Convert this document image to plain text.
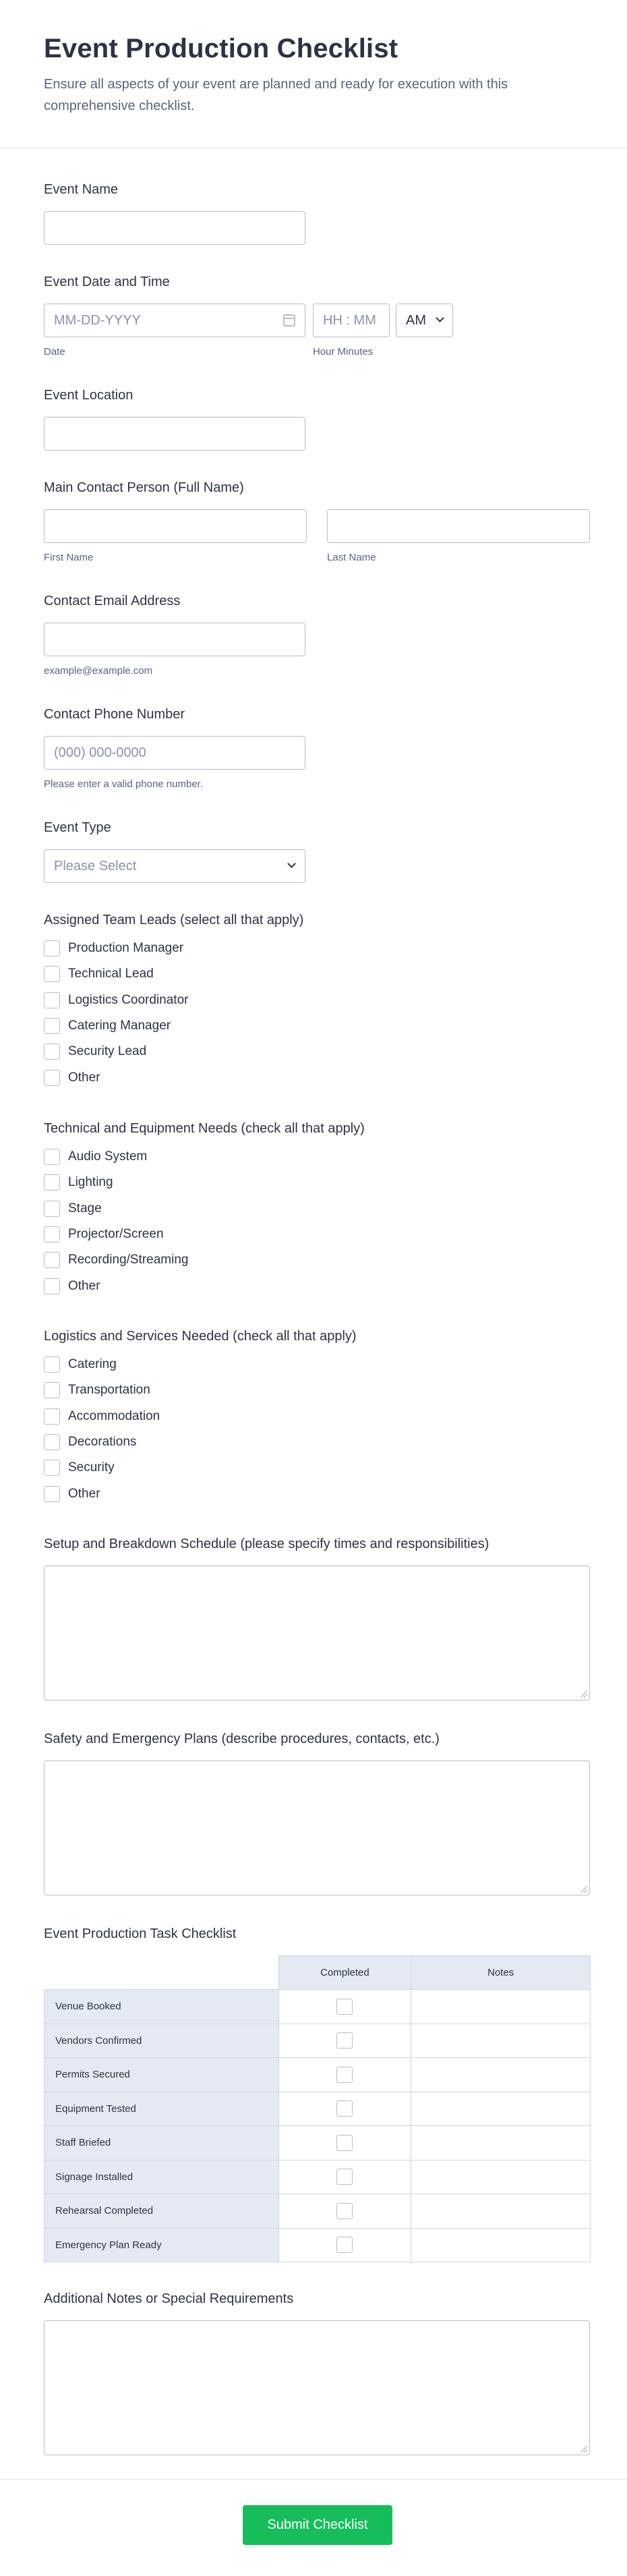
Event Production Checklist

Ensure all aspects of your event are planned and ready for execution with this comprehensive checklist.

Event Name
Event Date and Time
MM-DD-YYYY	HH : MM AM
Date	Hour Minutes
Event Location
Main Contact Person (Full Name)
First Name	Last Name
Contact Email Address
example@example.com
Contact Phone Number
(000) 000-0000
Please enter a valid phone number.
Event Type
Please Select
Assigned Team Leads (select all that apply)
Production Manager
Technical Lead
Logistics Coordinator
Catering Manager
Security Lead
Other
Technical and Equipment Needs (check all that apply)
Audio System
Lighting
Stage
Projector/Screen
Recording/Streaming
Other
Logistics and Services Needed (check all that apply)
Catering
Transportation
Accommodation
Decorations
Security
Other
Setup and Breakdown Schedule (please specify times and responsibilities)
Safety and Emergency Plans (describe procedures, contacts, etc.)
Event Production Task Checklist
	Completed	Notes
Venue Booked		
Vendors Confirmed		
Permits Secured		
Equipment Tested		
Staff Briefed		
Signage Installed		
Rehearsal Completed		
Emergency Plan Ready		
Additional Notes or Special Requirements
Submit Checklist
